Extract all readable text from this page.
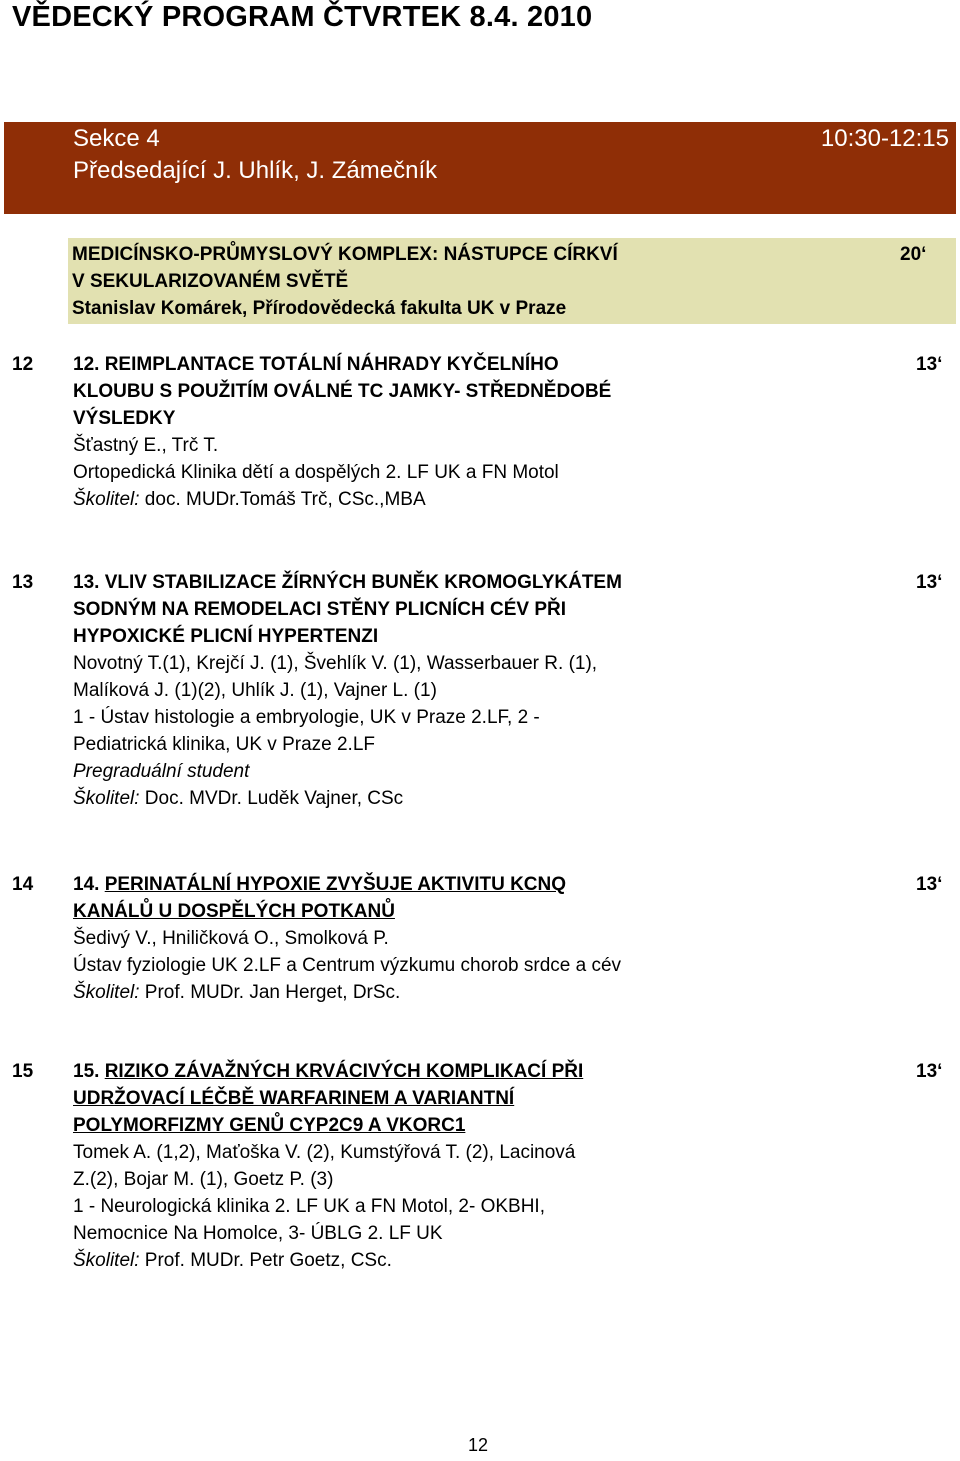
VĚDECKÝ PROGRAM ČTVRTEK 8.4. 2010
Sekce 4
Předsedající J. Uhlík, J. Zámečník
10:30-12:15
MEDICÍNSKO-PRŮMYSLOVÝ KOMPLEX: NÁSTUPCE CÍRKVÍ
V SEKULARIZOVANÉM SVĚTĚ
Stanislav Komárek, Přírodovědecká fakulta UK v Praze
20‘
12 12. REIMPLANTACE TOTÁLNÍ NÁHRADY KYČELNÍHO
KLOUBU S POUŽITÍM OVÁLNÉ TC JAMKY- STŘEDNĚDOBÉ
VÝSLEDKY
Šťastný E., Trč T.
Ortopedická Klinika dětí a dospělých 2. LF UK a FN Motol
Školitel: doc. MUDr.Tomáš Trč, CSc.,MBA
13‘
13 13. VLIV STABILIZACE ŽÍRNÝCH BUNĚK KROMOGLYKÁTEM
SODNÝM NA REMODELACI STĚNY PLICNÍCH CÉV PŘI
HYPOXICKÉ PLICNÍ HYPERTENZI
Novotný T.(1), Krejčí J. (1), Švehlík V. (1), Wasserbauer R. (1),
Malíková J. (1)(2), Uhlík J. (1), Vajner L. (1)
1 - Ústav histologie a embryologie, UK v Praze 2.LF, 2 -
Pediatrická klinika, UK v Praze 2.LF
Pregraduální student
Školitel: Doc. MVDr. Luděk Vajner, CSc
13‘
14 14. PERINATÁLNÍ HYPOXIE ZVYŠUJE AKTIVITU KCNQ
KANÁLŮ U DOSPĚLÝCH POTKANŮ
Šedivý V., Hniličková O., Smolková P.
Ústav fyziologie UK 2.LF a Centrum výzkumu chorob srdce a cév
Školitel: Prof. MUDr. Jan Herget, DrSc.
13‘
15 15. RIZIKO ZÁVAŽNÝCH KRVÁCIVÝCH KOMPLIKACÍ PŘI
UDRŽOVACÍ LÉČBĚ WARFARINEM A VARIANTNÍ
POLYMORFIZMY GENŮ CYP2C9 A VKORC1
Tomek A. (1,2), Maťoška V. (2), Kumstýřová T. (2), Lacinová
Z.(2), Bojar M. (1), Goetz P. (3)
1 - Neurologická klinika 2. LF UK a FN Motol, 2- OKBHI,
Nemocnice Na Homolce, 3- ÚBLG 2. LF UK
Školitel: Prof. MUDr. Petr Goetz, CSc.
13‘
12
